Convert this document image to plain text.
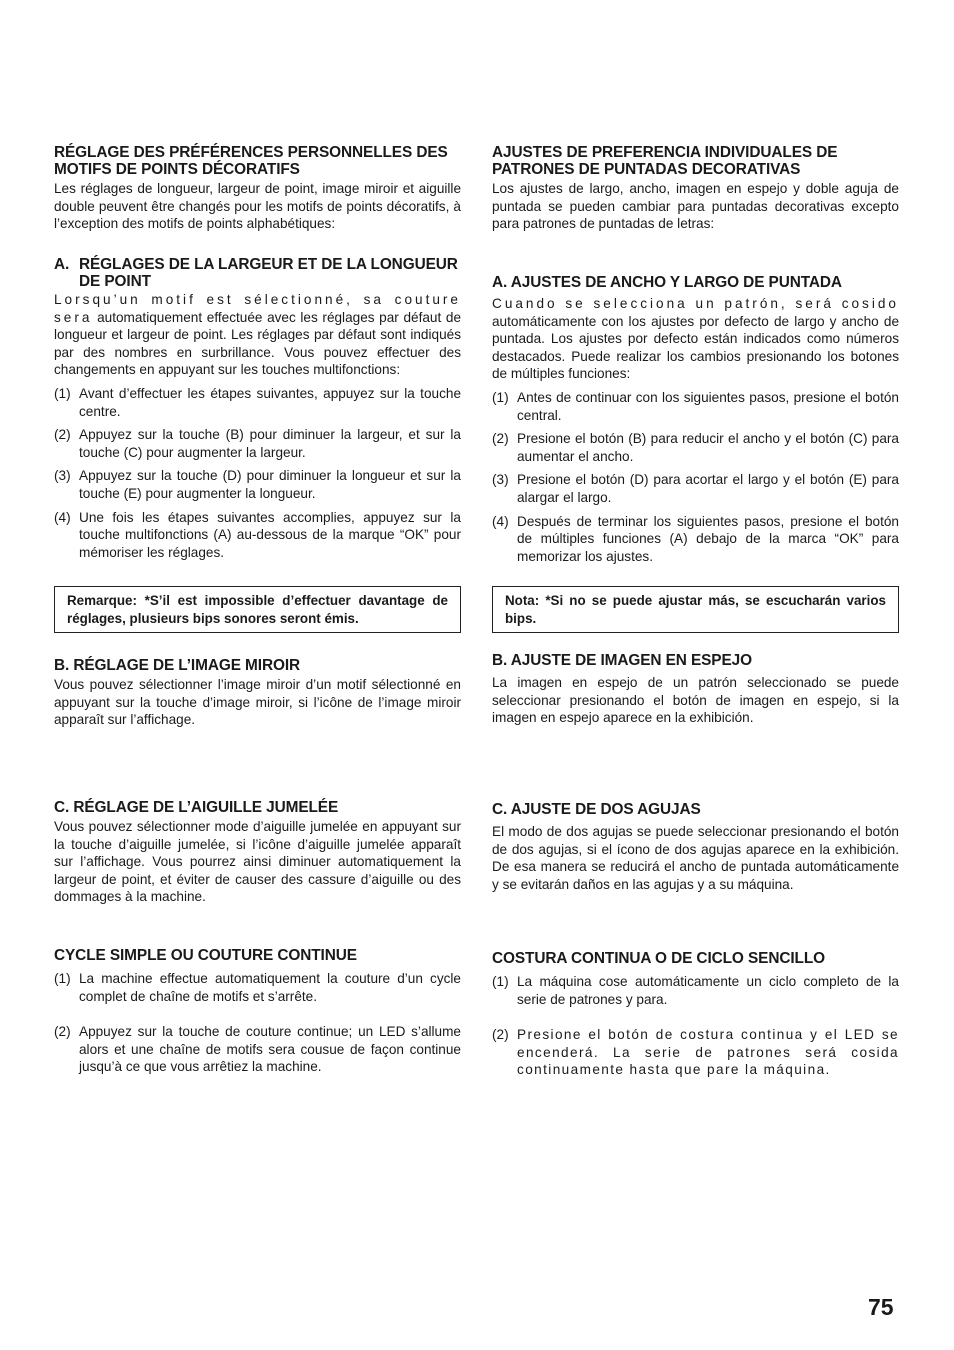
RÉGLAGE DES PRÉFÉRENCES PERSONNELLES DES MOTIFS DE POINTS DÉCORATIFS

Les réglages de longueur, largeur de point, image miroir et aiguille double peuvent être changés pour les motifs de points décoratifs, à l’exception des motifs de points alphabétiques:

A. RÉGLAGES DE LA LARGEUR ET DE LA LONGUEUR DE POINT

Lorsqu’un motif est sélectionné, sa couture sera automatiquement effectuée avec les réglages par défaut de longueur et largeur de point. Les réglages par défaut sont indiqués par des nombres en surbrillance. Vous pouvez effectuer des changements en appuyant sur les touches multifonctions:

(1) Avant d’effectuer les étapes suivantes, appuyez sur la touche centre.
(2) Appuyez sur la touche (B) pour diminuer la largeur, et sur la touche (C) pour augmenter la largeur.
(3) Appuyez sur la touche (D) pour diminuer la longueur et sur la touche (E) pour augmenter la longueur.
(4) Une fois les étapes suivantes accomplies, appuyez sur la touche multifonctions (A) au-dessous de la marque “OK” pour mémoriser les réglages.
Remarque: *S’il est impossible d’effectuer davantage de réglages, plusieurs bips sonores seront émis.
B. RÉGLAGE DE L’IMAGE MIROIR

Vous pouvez sélectionner l’image miroir d’un motif sélectionné en appuyant sur la touche d’image miroir, si l’icône de l’image miroir apparaît sur l’affichage.

C. RÉGLAGE DE L’AIGUILLE JUMELÉE

Vous pouvez sélectionner mode d’aiguille jumelée en appuyant sur la touche d’aiguille jumelée, si l’icône d’aiguille jumelée apparaît sur l’affichage. Vous pourrez ainsi diminuer automatiquement la largeur de point, et éviter de causer des cassure d’aiguille ou des dommages à la machine.

CYCLE SIMPLE OU COUTURE CONTINUE
(1) La machine effectue automatiquement la couture d’un cycle complet de chaîne de motifs et s’arrête.
(2) Appuyez sur la touche de couture continue; un LED s’allume alors et une chaîne de motifs sera cousue de façon continue jusqu’à ce que vous arrêtiez la machine.
AJUSTES DE PREFERENCIA INDIVIDUALES DE PATRONES DE PUNTADAS DECORATIVAS

Los ajustes de largo, ancho, imagen en espejo y doble aguja de puntada se pueden cambiar para puntadas decorativas excepto para patrones de puntadas de letras:

A. AJUSTES DE ANCHO Y LARGO DE PUNTADA

Cuando se selecciona un patrón, será cosido automáticamente con los ajustes por defecto de largo y ancho de puntada. Los ajustes por defecto están indicados como números destacados. Puede realizar los cambios presionando los botones de múltiples funciones:

(1) Antes de continuar con los siguientes pasos, presione el botón central.
(2) Presione el botón (B) para reducir el ancho y el botón (C) para aumentar el ancho.
(3) Presione el botón (D) para acortar el largo y el botón (E) para alargar el largo.
(4) Después de terminar los siguientes pasos, presione el botón de múltiples funciones (A) debajo de la marca “OK” para memorizar los ajustes.
Nota: *Si no se puede ajustar más, se escucharán varios bips.
B. AJUSTE DE IMAGEN EN ESPEJO

La imagen en espejo de un patrón seleccionado se puede seleccionar presionando el botón de imagen en espejo, si la imagen en espejo aparece en la exhibición.

C. AJUSTE DE DOS AGUJAS

El modo de dos agujas se puede seleccionar presionando el botón de dos agujas, si el ícono de dos agujas aparece en la exhibición. De esa manera se reducirá el ancho de puntada automáticamente y se evitarán daños en las agujas y a su máquina.

COSTURA CONTINUA O DE CICLO SENCILLO
(1) La máquina cose automáticamente un ciclo completo de la serie de patrones y para.
(2) Presione el botón de costura continua y el LED se encenderá. La serie de patrones será cosida continuamente hasta que pare la máquina.
75
